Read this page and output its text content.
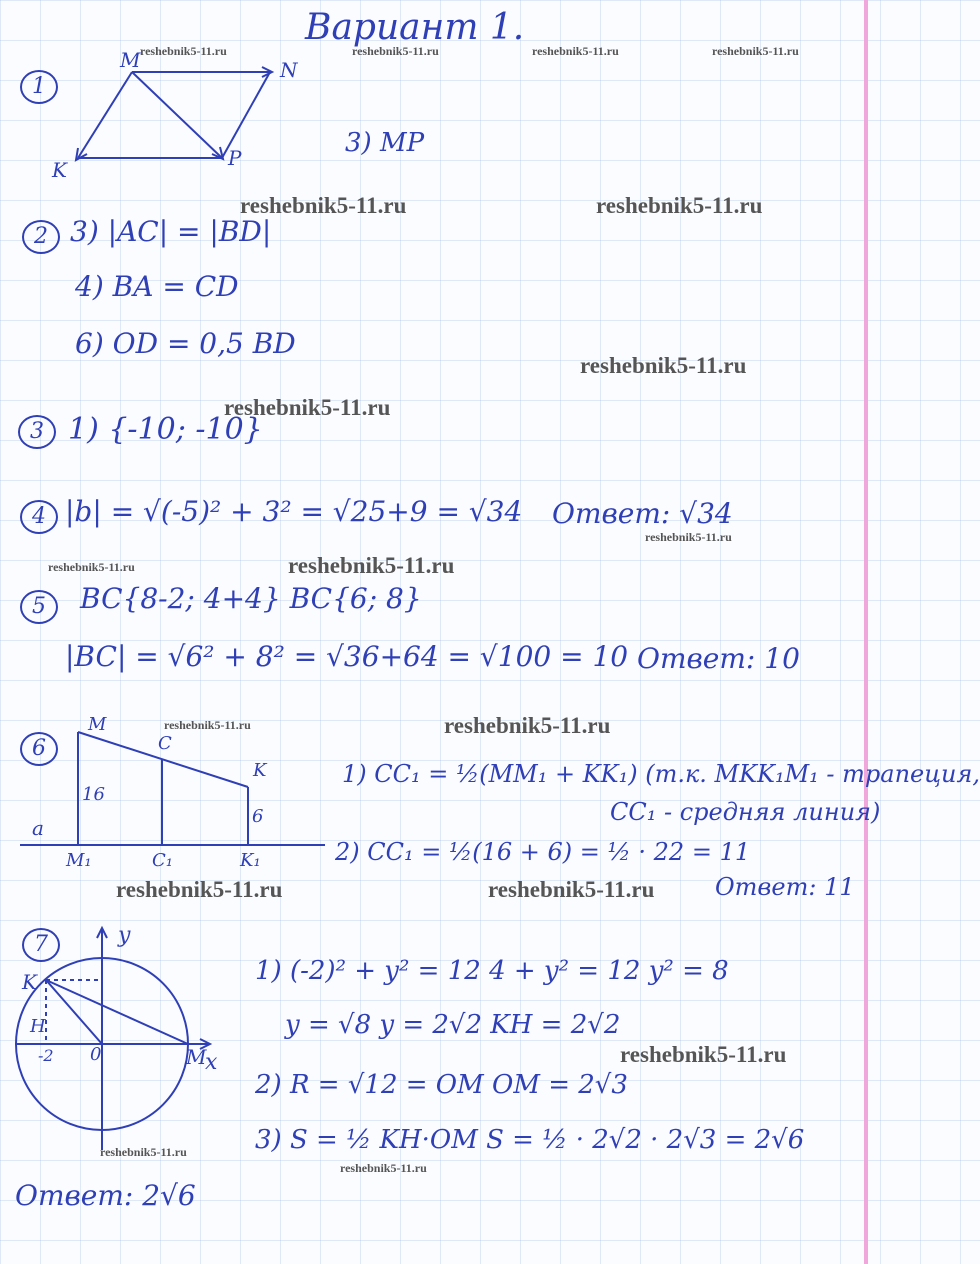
Вариант 1.
reshebnik5-11.ru	reshebnik5-11.ru	reshebnik5-11.ru	reshebnik5-11.ru
reshebnik5-11.ru	reshebnik5-11.ru
reshebnik5-11.ru
reshebnik5-11.ru
reshebnik5-11.ru
reshebnik5-11.ru	reshebnik5-11.ru
reshebnik5-11.ru	reshebnik5-11.ru
reshebnik5-11.ru	reshebnik5-11.ru
reshebnik5-11.ru
reshebnik5-11.ru
reshebnik5-11.ru
1
M	N
K	P	3) MP
2 3) |AC| = |BD|
4) BA = CD
6) OD = 0,5 BD
3 1) {-10; -10}
4 |b| = √(-5)² + 3² = √25+9 = √34 Ответ: √34
5	BC{8-2; 4+4} BC{6; 8}
|BC| = √6² + 8² = √36+64 = √100 = 10 Ответ: 10
6
M
C
K
a
M₁	C₁	K₁
16
6
1) CC₁ = ½(MM₁ + KK₁) (т.к. MKK₁M₁ - трапеция,
CC₁ - средняя линия)
2) CC₁ = ½(16 + 6) = ½ · 22 = 11
Ответ: 11
7	y
x
K
H
M
0
-2
1) (-2)² + y² = 12 4 + y² = 12 y² = 8
y = √8 y = 2√2 KH = 2√2
2) R = √12 = OM OM = 2√3
3) S = ½ KH·OM S = ½ · 2√2 · 2√3 = 2√6
Ответ: 2√6
